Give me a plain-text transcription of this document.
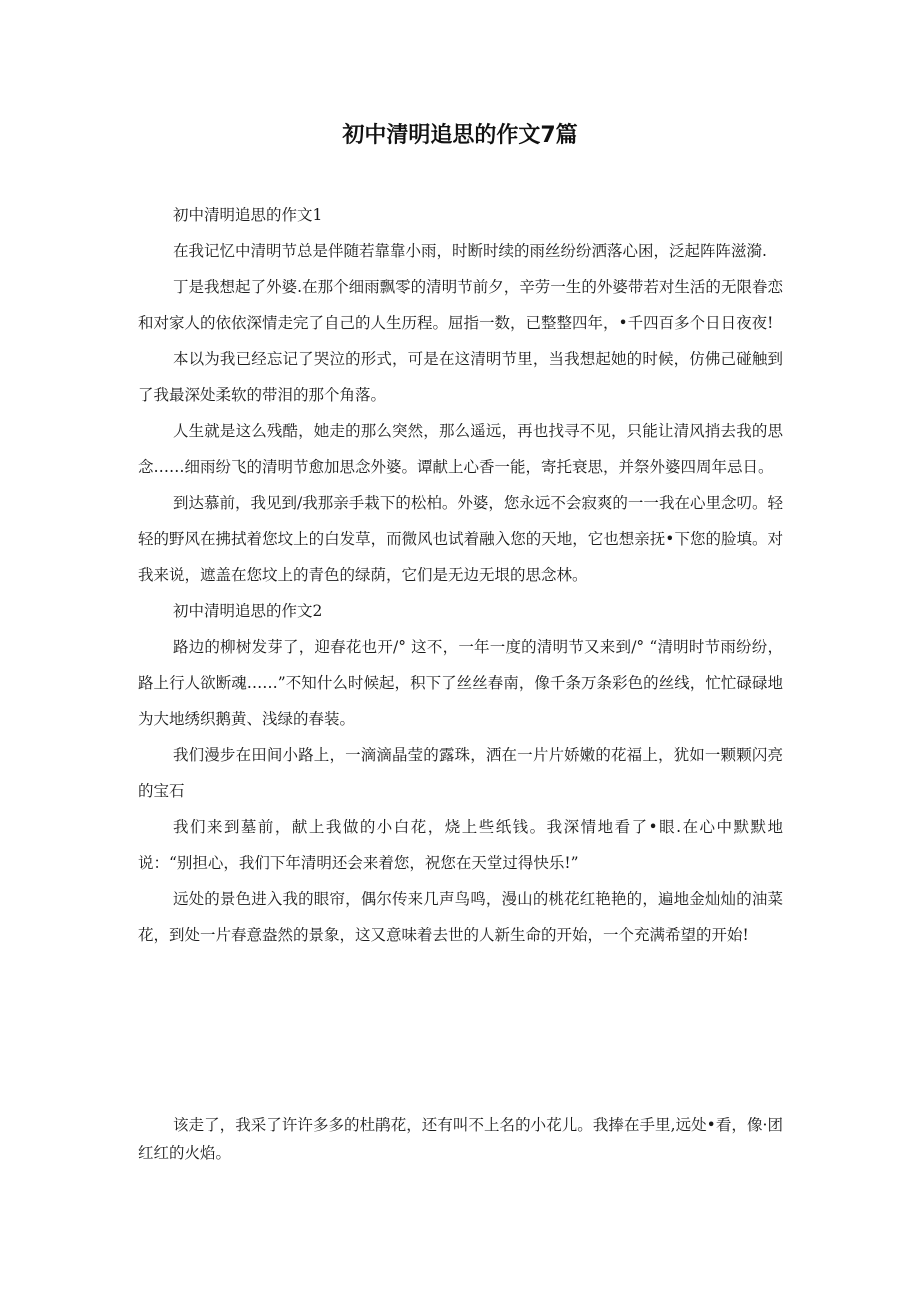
初中清明追思的作文7篇

初中清明追思的作文1

在我记忆中清明节总是伴随若靠靠小雨，时断时续的雨丝纷纷洒落心困，泛起阵阵滋漪.

丁是我想起了外婆.在那个细雨飘零的清明节前夕，辛劳一生的外婆带若对生活的无限眷恋和对家人的依依深情走完了自己的人生历程。屈指一数，已整整四年，•千四百多个日日夜夜!

本以为我已经忘记了哭泣的形式，可是在这清明节里，当我想起她的时候，仿佛己碰触到了我最深处柔软的带泪的那个角落。

人生就是这么残酷，她走的那么突然，那么遥远，再也找寻不见，只能让清风捎去我的思念……细雨纷飞的清明节愈加思念外婆。谭献上心香一能，寄托衰思，并祭外婆四周年忌日。

到达慕前，我见到/我那亲手栽下的松柏。外婆，您永远不会寂爽的一一我在心里念叨。轻轻的野风在拂拭着您坟上的白发草，而微风也试着融入您的天地，它也想亲抚•下您的脸填。对我来说，遮盖在您坟上的青色的绿荫，它们是无边无垠的思念林。

初中清明追思的作文2

路边的柳树发芽了，迎春花也开/° 这不，一年一度的清明节又来到/° “清明时节雨纷纷，路上行人欲断魂……”不知什么时候起，积下了丝丝春南，像千条万条彩色的丝线，忙忙碌碌地为大地绣织鹅黄、浅绿的春装。

我们漫步在田间小路上，一滴滴晶莹的露珠，洒在一片片娇嫩的花福上，犹如一颗颗闪亮的宝石

我们来到墓前，献上我做的小白花，烧上些纸钱。我深情地看了•眼.在心中默默地说：“别担心，我们下年清明还会来着您，祝您在天堂过得快乐!”

远处的景色进入我的眼帘，偶尔传来几声鸟鸣，漫山的桃花红艳艳的，遍地金灿灿的油菜花，到处一片春意盎然的景象，这又意味着去世的人新生命的开始，一个充满希望的开始!

该走了，我采了许许多多的杜鹃花，还有叫不上名的小花儿。我捧在手里,远处•看，像·团红红的火焰。
